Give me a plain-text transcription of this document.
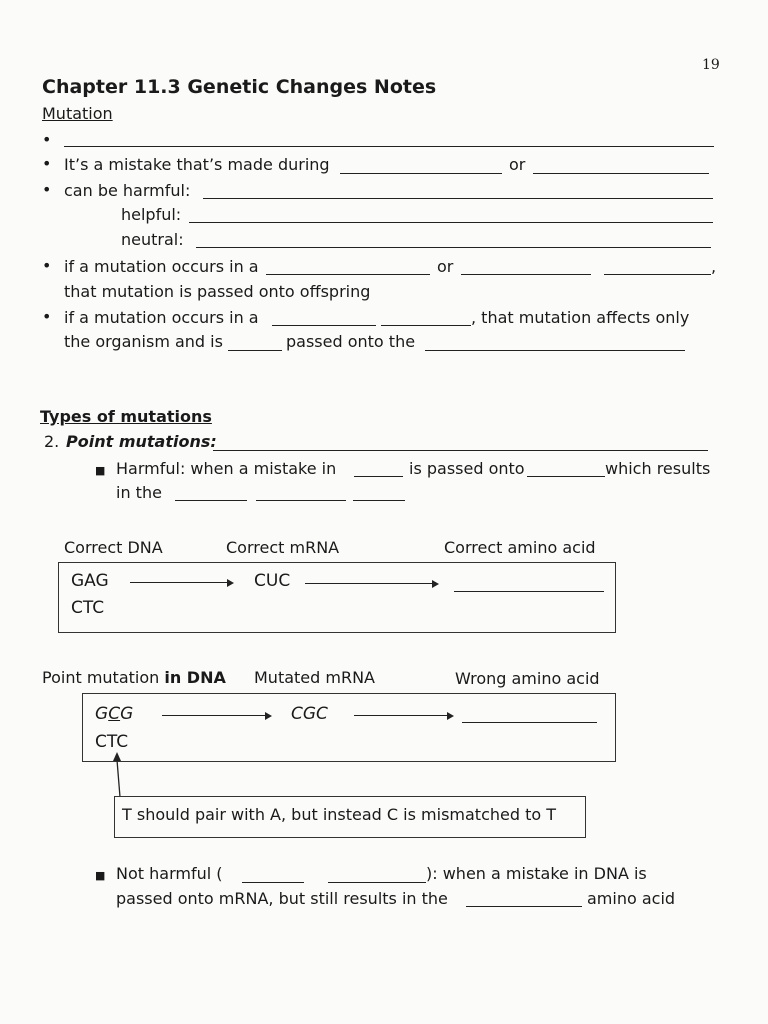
19
Chapter 11.3 Genetic Changes Notes
Mutation
•
• It’s a mistake that’s made during	or
• can be harmful:
helpful:
neutral:
• if a mutation occurs in a	or	,
that mutation is passed onto offspring
• if a mutation occurs in a	, that mutation affects only
the organism and is	passed onto the
Types of mutations
2. Point mutations:
■ Harmful: when a mistake in	is passed onto	which results
in the
Correct DNA	Correct mRNA	Correct amino acid
GAG	CUC
CTC
Point mutation in DNA Mutated mRNA	Wrong amino acid
GCG	CGC
CTC
T should pair with A, but instead C is mismatched to T
■ Not harmful (	): when a mistake in DNA is
passed onto mRNA, but still results in the	amino acid
